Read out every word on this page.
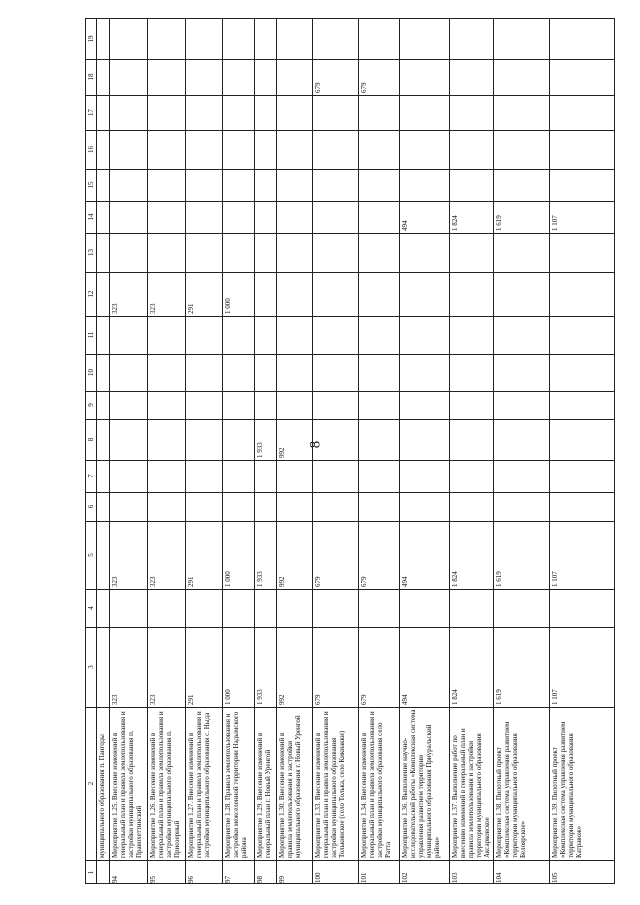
8
1
2
3
4
5
6
7
8
9
10
11
12
13
14
15
16
17
18
19
муниципального образования п. Пангоды
94
Мероприятие 1.25. Внесение изменений в генеральный план и правила землепользования и застройки муниципального образования п. Правохеттинский
323
323
323
95
Мероприятие 1.26. Внесение изменений в генеральный план и правила землепользования и застройки муниципального образования п. Приозерный
323
323
323
96
Мероприятие 1.27. Внесение изменений в генеральный план и правила землепользования и застройки муниципального образования с. Ныда
291
291
291
97
Мероприятие 1.28. Правила землепользования и застройки межселенной территории Надымского района
1 000
1 000
1 000
98
Мероприятие 1.29. Внесение изменений в генеральный план г. Новый Уренгой
1 933
1 933
1 933
99
Мероприятие 1.30. Внесение изменений в правила землепользования и застройки муниципального образования г. Новый Уренгой
992
992
992
100
Мероприятие 1.33. Внесение изменений в генеральный план и правила землепользования и застройки муниципального образования Толькинское (село Толька, село Кикиакки)
679
679
679
101
Мероприятие 1.34. Внесение изменений в генеральный план и правила землепользования и застройки муниципального образования село Ратта
679
679
679
102
Мероприятие 1.36. Выполнение научно-исследовательской работы «Комплексная система управления развитием территории муниципального образования Приуральский район»
494
494
494
103
Мероприятие 1.37. Выполнение работ по внесению изменений в генеральный план и правила землепользования и застройки территории муниципального образования Аксарковское
1 824
1 824
1 824
104
Мероприятие 1.38. Пилотный проект «Комплексная система управления развитием территории муниципального образования Белоярское»
1 619
1 619
1 619
105
Мероприятие 1.39. Пилотный проект «Комплексная система управления развитием территории муниципального образования Катравож»
1 107
1 107
1 107
